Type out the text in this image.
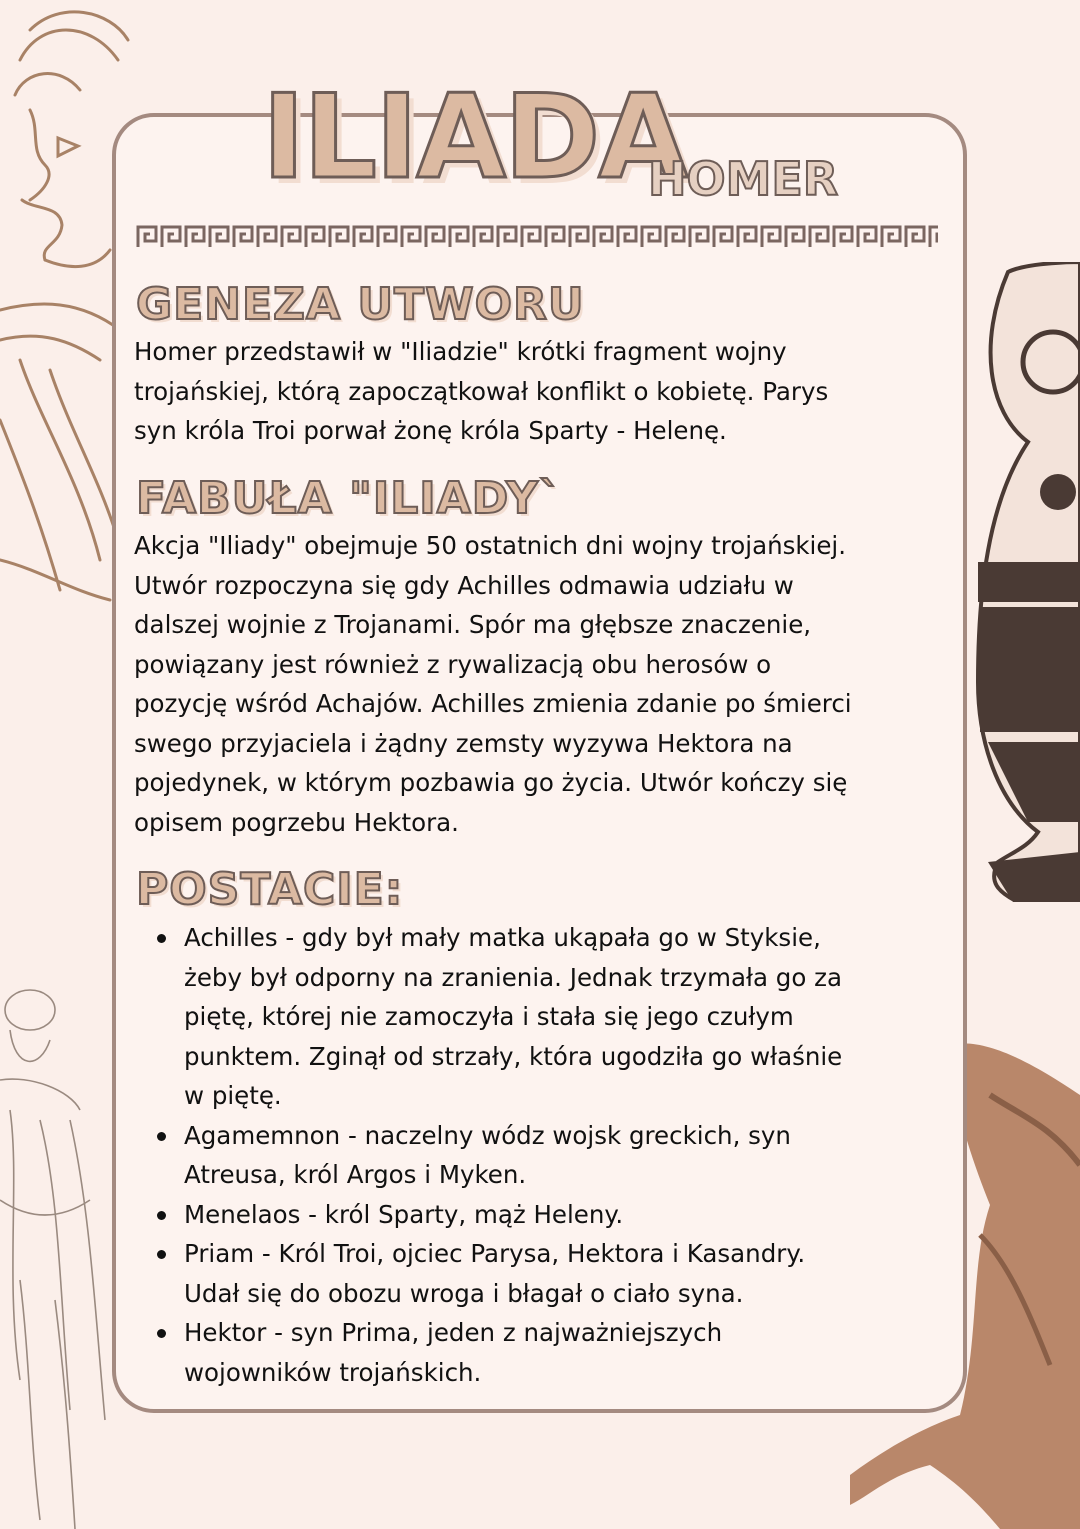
ILIADA
HOMER
GENEZA UTWORU

Homer przedstawił w "Iliadzie" krótki fragment wojny
trojańskiej, którą zapoczątkował konflikt o kobietę. Parys
syn króla Troi porwał żonę króla Sparty - Helenę.

FABUŁA "ILIADY`

Akcja "Iliady" obejmuje 50 ostatnich dni wojny trojańskiej.
Utwór rozpoczyna się gdy Achilles odmawia udziału w
dalszej wojnie z Trojanami. Spór ma głębsze znaczenie,
powiązany jest również z rywalizacją obu herosów o
pozycję wśród Achajów. Achilles zmienia zdanie po śmierci
swego przyjaciela i żądny zemsty wyzywa Hektora na
pojedynek, w którym pozbawia go życia. Utwór kończy się
opisem pogrzebu Hektora.

POSTACIE:
Achilles - gdy był mały matka ukąpała go w Styksie,
żeby był odporny na zranienia. Jednak trzymała go za
piętę, której nie zamoczyła i stała się jego czułym
punktem. Zginął od strzały, która ugodziła go właśnie
w piętę.
Agamemnon - naczelny wódz wojsk greckich, syn
Atreusa, król Argos i Myken.
Menelaos - król Sparty, mąż Heleny.
Priam - Król Troi, ojciec Parysa, Hektora i Kasandry.
Udał się do obozu wroga i błagał o ciało syna.
Hektor - syn Prima, jeden z najważniejszych
wojowników trojańskich.
